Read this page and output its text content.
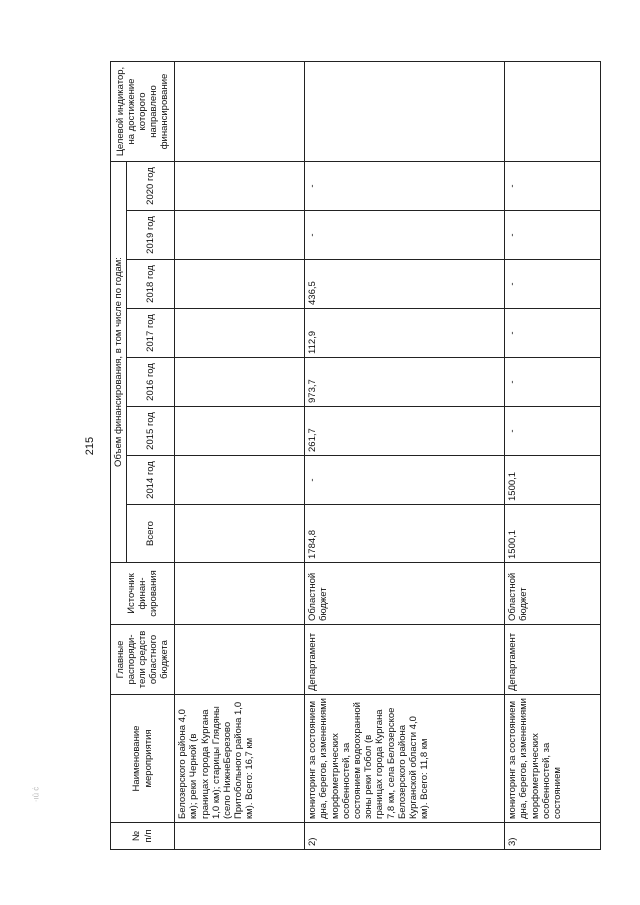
215
·ıû ċ
№ п/п	Наименование мероприятия	Главные распоряди-тели средств областного бюджета	Источник финан-сирования	Объем финансирования, в том числе по годам:								Целевой индикатор, на достижение которого направлено финансирование
				Всего	2014 год	2015 год	2016 год	2017 год	2018 год	2019 год	2020 год	
	Белозерского района 4,0 км); реки Черной (в границах города Кургана 1,0 км); старицы Глядяны (село НижнеБерезово Притобольного района 1,0 км). Всего: 16,7 км											
2)	мониторинг за состоянием дна, берегов, изменениями морфометрических особенностей, за состоянием водоохранной зоны реки Тобол (в границах города Кургана 7,8 км, села Белозерское Белозерского района Курганской области 4,0 км). Всего: 11,8 км	Департамент	Областной бюджет	1784,8	-	261,7	973,7	112,9	436,5	-	-	
3)	мониторинг за состоянием дна, берегов, изменениями морфометрических особенностей, за состоянием	Департамент	Областной бюджет	1500,1	1500,1	-	-	-	-	-	-	
